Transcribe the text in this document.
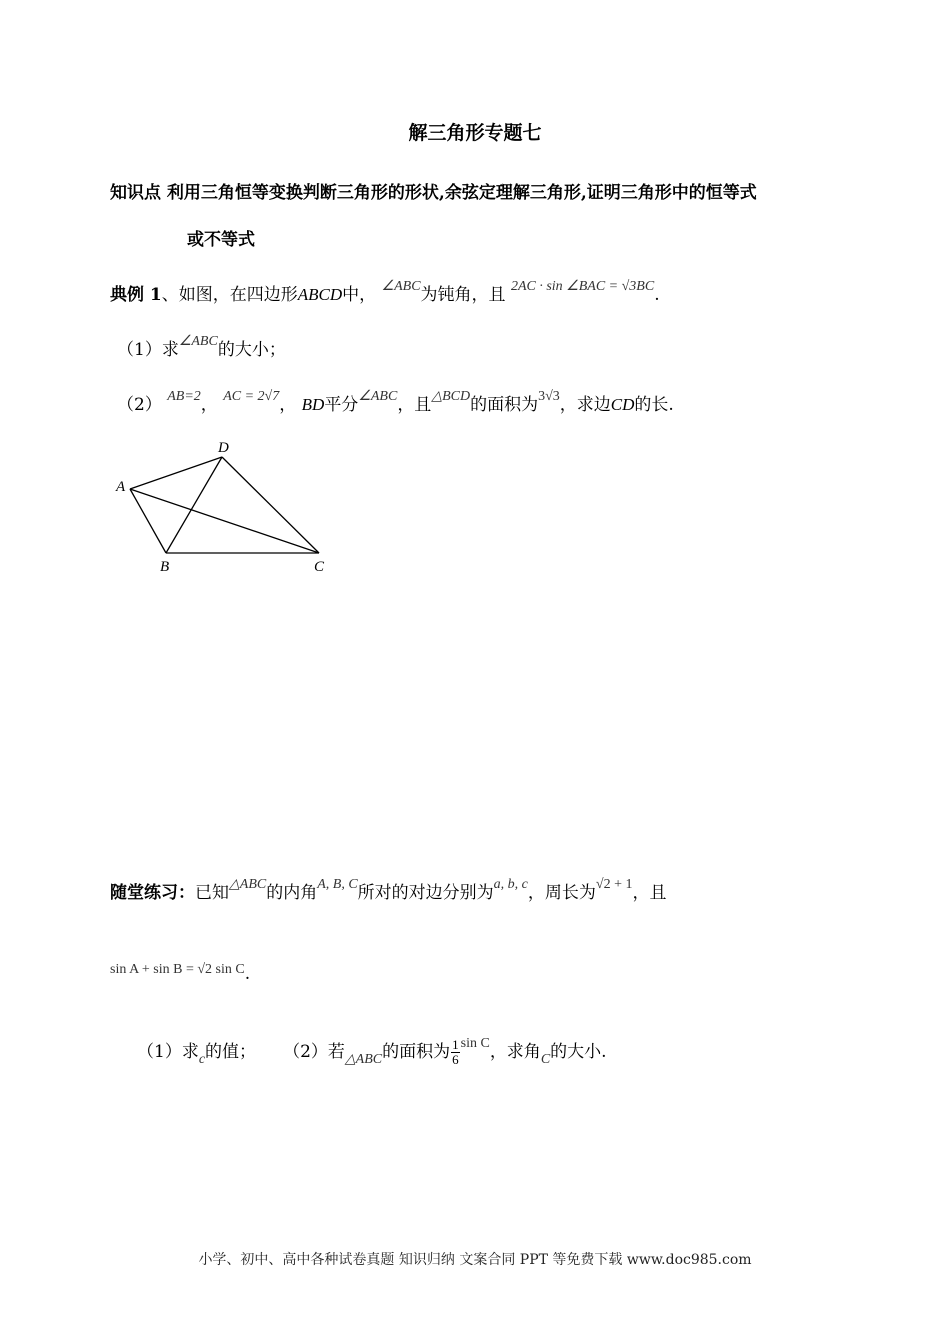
解三角形专题七
知识点 利用三角恒等变换判断三角形的形状,余弦定理解三角形,证明三角形中的恒等式
或不等式
典例 1、如图，在四边形ABCD中， $^{\angle ABC}$为钝角，且 $^{2AC \cdot sin \angle BAC = √3BC}$.
（1）求$^{\angle ABC}$的大小；
（2） $^{AB=2}$， $^{AC = 2√7}$， BD平分$^{\angle ABC}$，且$^{\triangle BCD}$的面积为$^{3√3}$，求边CD的长.
A
D
B	C
随堂练习：已知$^{\triangle ABC}$的内角$^{A, B, C}$所对的对边分别为$^{a, b, c}$，周长为$^{√2 + 1}$，且
sin A + sin B = √2 sin C.
（1）求$_c$的值； （2）若$_{\triangle ABC}$的面积为 $\frac{1}{6} ^{sin C}$，求角$_C$的大小.
小学、初中、高中各种试卷真题 知识归纳 文案合同 PPT 等免费下载 www.doc985.com
